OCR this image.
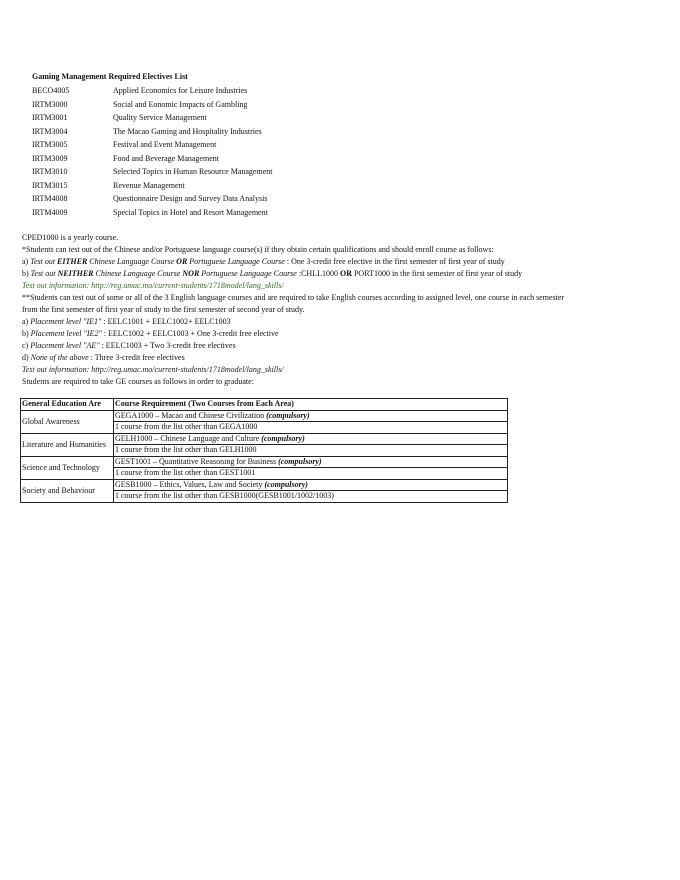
Gaming Management Required Electives List
BECO4005	Applied Economics for Leisure Industries
IRTM3000	Social and Eonomic Impacts of Gambling
IRTM3001	Quality Service Management
IRTM3004	The Macao Gaming and Hospitality Industries
IRTM3005	Festival and Event Management
IRTM3009	Food and Beverage Management
IRTM3010	Selected Topics in Human Resource Management
IRTM3015	Revenue Management
IRTM4008	Questionnaire Design and Survey Data Analysis
IRTM4009	Special Topics in Hotel and Resort Management
CPED1000 is a yearly course.
*Students can test out of the Chinese and/or Portuguese language course(s) if they obtain certain qualifications and should enroll course as follows:
a) Test out EITHER Chinese Language Course OR Portuguese Language Course : One 3-credit free elective in the first semester of first year of study
b) Test out NEITHER Chinese Language Course NOR Portuguese Language Course :CHLL1000 OR PORT1000 in the first semester of first year of study
Test out information: http://reg.umac.mo/current-students/1718model/lang_skills/
**Students can test out of some or all of the 3 English language courses and are required to take English courses according to assigned level, one course in each semester
from the first semester of first year of study to the first semester of second year of study.
a) Placement level "IE1" : EELC1001 + EELC1002+ EELC1003
b) Placement level "IE2" : EELC1002 + EELC1003 + One 3-credit free elective
c) Placement level "AE" : EELC1003 + Two 3-credit free electives
d) None of the above : Three 3-credit free electives
Test out information: http://reg.umac.mo/current-students/1718model/lang_skills/
Students are required to take GE courses as follows in order to graduate:
General Education Are	Course Requirement (Two Courses from Each Area)
Global Awareness	GEGA1000 – Macao and Chinese Civilization (compulsory)
	1 course from the list other than GEGA1000
Literature and Humanities	GELH1000 – Chinese Language and Culture (compulsory)
	1 course from the list other than GELH1000
Science and Technology	GEST1001 – Quantitative Reasoning for Business (compulsory)
	1 course from the list other than GEST1001
Society and Behaviour	GESB1000 – Ethics, Values, Law and Society (compulsory)
	1 course from the list other than GESB1000(GESB1001/1002/1003)
